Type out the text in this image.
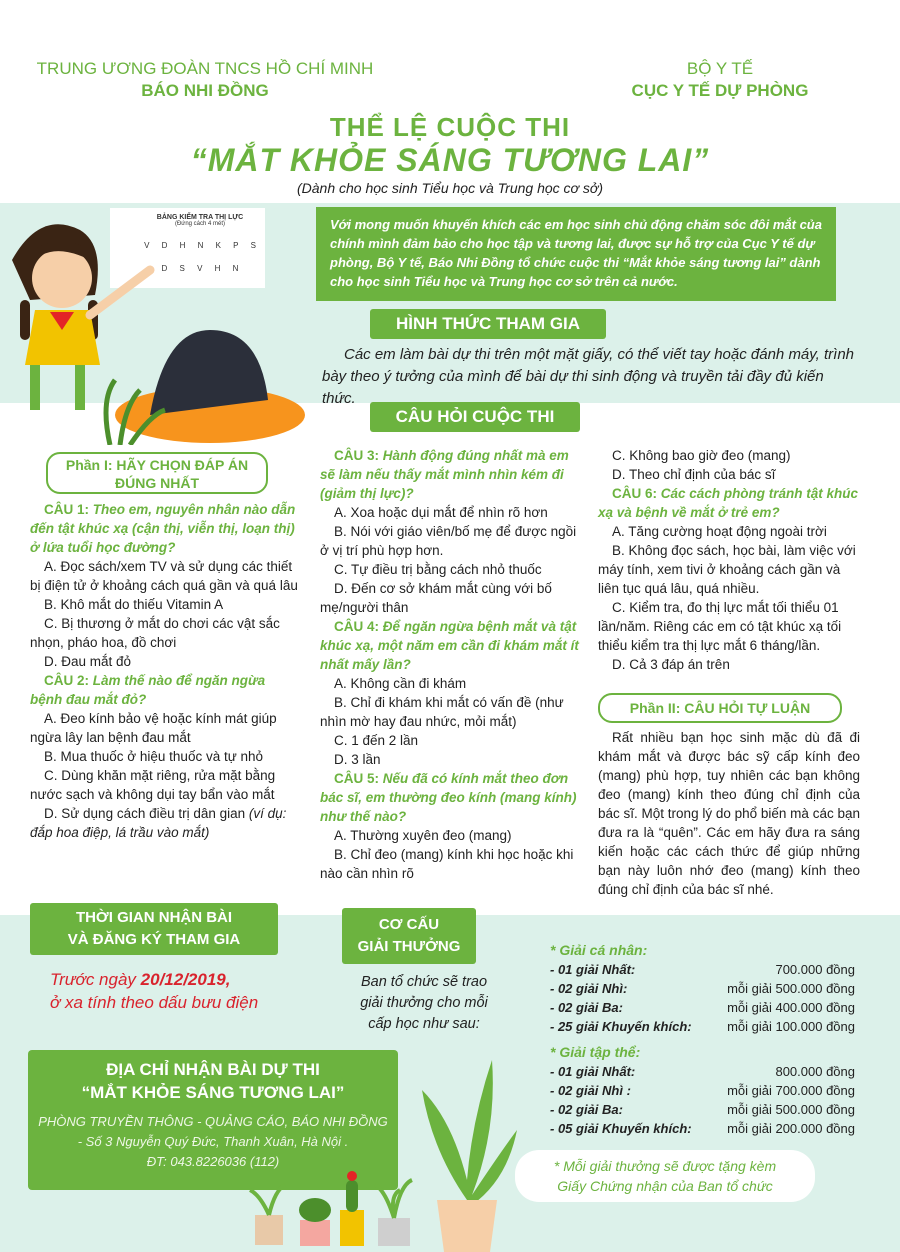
TRUNG ƯƠNG ĐOÀN TNCS HỒ CHÍ MINH
BÁO NHI ĐỒNG
BỘ Y TẾ
CỤC Y TẾ DỰ PHÒNG
THỂ LỆ CUỘC THI
“MẮT KHỎE SÁNG TƯƠNG LAI”
(Dành cho học sinh Tiểu học và Trung học cơ sở)
BẢNG KIỂM TRA THỊ LỰC
(Đứng cách 4 mét)
V D H N K P S
D S V H N
Với mong muốn khuyến khích các em học sinh chủ động chăm sóc đôi mắt của chính mình đảm bảo cho học tập và tương lai, được sự hỗ trợ của Cục Y tế dự phòng, Bộ Y tế, Báo Nhi Đồng tổ chức cuộc thi “Mắt khỏe sáng tương lai” dành cho học sinh Tiểu học và Trung học cơ sở trên cả nước.
HÌNH THỨC THAM GIA
Các em làm bài dự thi trên một mặt giấy, có thể viết tay hoặc đánh máy, trình bày theo ý tưởng của mình để bài dự thi sinh động và truyền tải đầy đủ kiến thức.
CÂU HỎI CUỘC THI
Phần I: HÃY CHỌN ĐÁP ÁN ĐÚNG NHẤT

CÂU 1: Theo em, nguyên nhân nào dẫn đến tật khúc xạ (cận thị, viễn thị, loạn thị) ở lứa tuổi học đường?

A. Đọc sách/xem TV và sử dụng các thiết bị điện tử ở khoảng cách quá gần và quá lâu

B. Khô mắt do thiếu Vitamin A

C. Bị thương ở mắt do chơi các vật sắc nhọn, pháo hoa, đồ chơi

D. Đau mắt đỏ

CÂU 2: Làm thế nào để ngăn ngừa bệnh đau mắt đỏ?

A. Đeo kính bảo vệ hoặc kính mát giúp ngừa lây lan bệnh đau mắt

B. Mua thuốc ở hiệu thuốc và tự nhỏ

C. Dùng khăn mặt riêng, rửa mặt bằng nước sạch và không dụi tay bẩn vào mắt

D. Sử dụng cách điều trị dân gian (ví dụ: đắp hoa điệp, lá trầu vào mắt)

CÂU 3: Hành động đúng nhất mà em sẽ làm nếu thấy mắt mình nhìn kém đi (giảm thị lực)?

A. Xoa hoặc dụi mắt để nhìn rõ hơn

B. Nói với giáo viên/bố mẹ để được ngồi ở vị trí phù hợp hơn.

C. Tự điều trị bằng cách nhỏ thuốc

D. Đến cơ sở khám mắt cùng với bố mẹ/người thân

CÂU 4: Để ngăn ngừa bệnh mắt và tật khúc xạ, một năm em cần đi khám mắt ít nhất mấy lần?

A. Không cần đi khám

B. Chỉ đi khám khi mắt có vấn đề (như nhìn mờ hay đau nhức, mỏi mắt)

C. 1 đến 2 lần

D. 3 lần

CÂU 5: Nếu đã có kính mắt theo đơn bác sĩ, em thường đeo kính (mang kính) như thế nào?

A. Thường xuyên đeo (mang)

B. Chỉ đeo (mang) kính khi học hoặc khi nào cần nhìn rõ

C. Không bao giờ đeo (mang)

D. Theo chỉ định của bác sĩ

CÂU 6: Các cách phòng tránh tật khúc xạ và bệnh về mắt ở trẻ em?

A. Tăng cường hoạt động ngoài trời

B. Không đọc sách, học bài, làm việc với máy tính, xem tivi ở khoảng cách gần và liên tục quá lâu, quá nhiều.

C. Kiểm tra, đo thị lực mắt tối thiểu 01 lần/năm. Riêng các em có tật khúc xạ tối thiểu kiểm tra thị lực mắt 6 tháng/lần.

D. Cả 3 đáp án trên

Phần II: CÂU HỎI TỰ LUẬN
Rất nhiều bạn học sinh mặc dù đã đi khám mắt và được bác sỹ cấp kính đeo (mang) phù hợp, tuy nhiên các bạn không đeo (mang) kính theo đúng chỉ định của bác sĩ. Một trong lý do phổ biến mà các bạn đưa ra là “quên”. Các em hãy đưa ra sáng kiến hoặc các cách thức để giúp những bạn này luôn nhớ đeo (mang) kính theo đúng chỉ định của bác sĩ nhé.
THỜI GIAN NHẬN BÀI
VÀ ĐĂNG KÝ THAM GIA
Trước ngày 20/12/2019,
ở xa tính theo dấu bưu điện
CƠ CẤU
GIẢI THƯỞNG
Ban tổ chức sẽ trao giải thưởng cho mỗi cấp học như sau:
* Giải cá nhân:
- 01 giải Nhất:	700.000 đồng
- 02 giải Nhì:	mỗi giải 500.000 đồng
- 02 giải Ba:	mỗi giải 400.000 đồng
- 25 giải Khuyến khích:	mỗi giải 100.000 đồng
* Giải tập thể:
- 01 giải Nhất:	800.000 đồng
- 02 giải Nhì :	mỗi giải 700.000 đồng
- 02 giải Ba:	mỗi giải 500.000 đồng
- 05 giải Khuyến khích:	mỗi giải 200.000 đồng
* Mỗi giải thưởng sẽ được tặng kèm
Giấy Chứng nhận của Ban tổ chức
ĐỊA CHỈ NHẬN BÀI DỰ THI
“MẮT KHỎE SÁNG TƯƠNG LAI”
PHÒNG TRUYỀN THÔNG - QUẢNG CÁO, BÁO NHI ĐỒNG
- Số 3 Nguyễn Quý Đức, Thanh Xuân, Hà Nội .
ĐT: 043.8226036 (112)
